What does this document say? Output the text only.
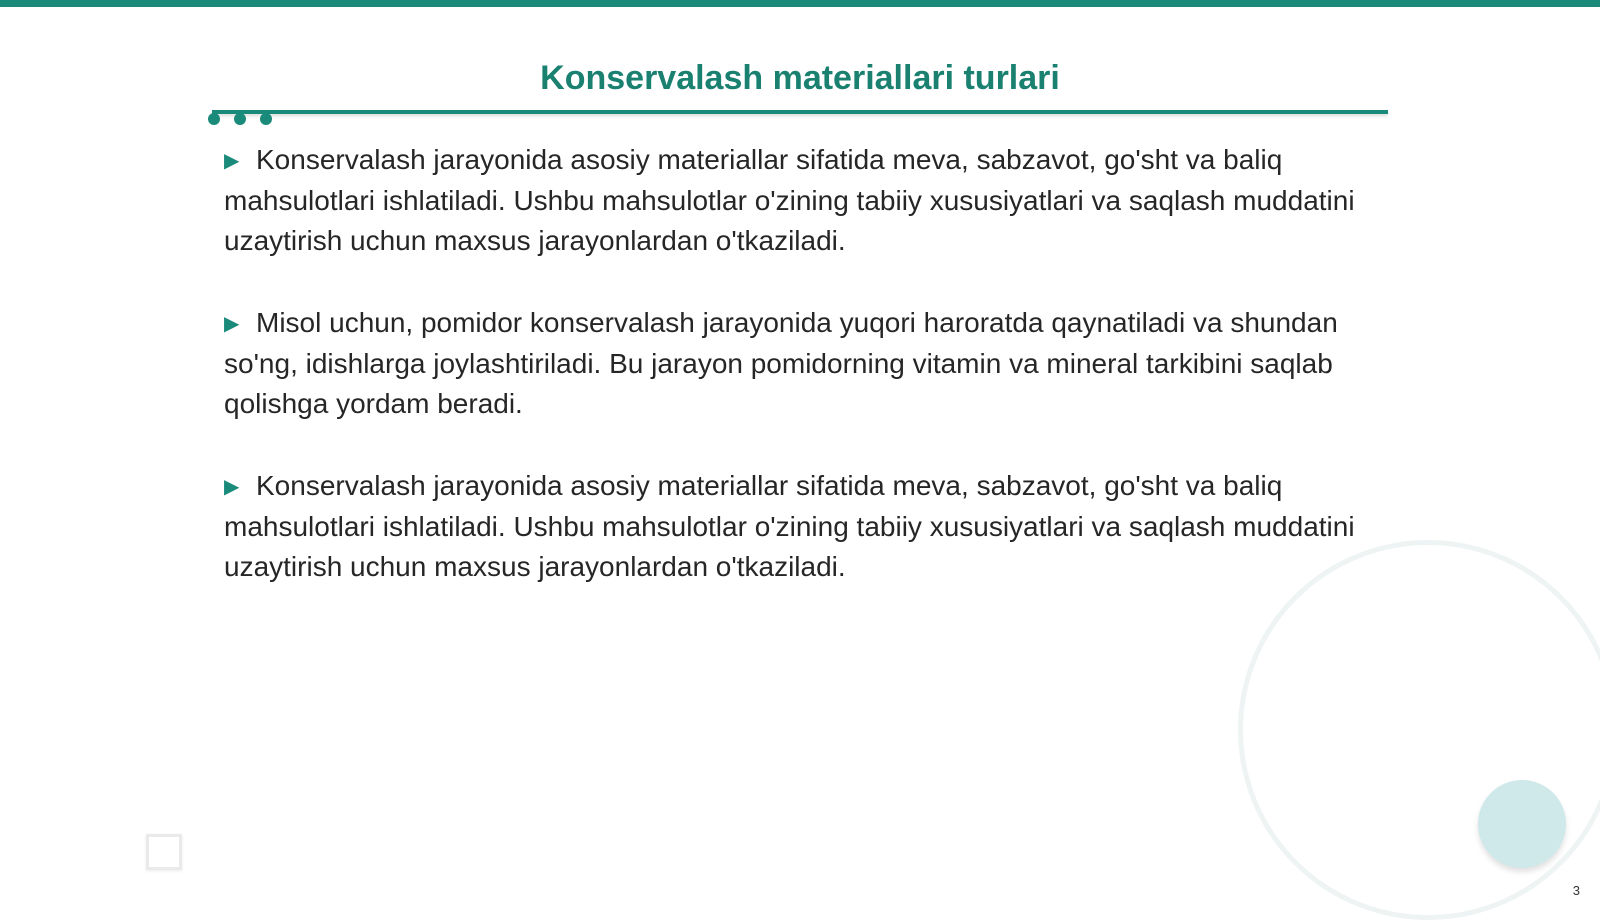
Konservalash materiallari turlari

▶ Konservalash jarayonida asosiy materiallar sifatida meva, sabzavot, go'sht va baliq mahsulotlari ishlatiladi. Ushbu mahsulotlar o'zining tabiiy xususiyatlari va saqlash muddatini uzaytirish uchun maxsus jarayonlardan o'tkaziladi.

▶ Misol uchun, pomidor konservalash jarayonida yuqori haroratda qaynatiladi va shundan so'ng, idishlarga joylashtiriladi. Bu jarayon pomidorning vitamin va mineral tarkibini saqlab qolishga yordam beradi.

▶ Konservalash jarayonida asosiy materiallar sifatida meva, sabzavot, go'sht va baliq mahsulotlari ishlatiladi. Ushbu mahsulotlar o'zining tabiiy xususiyatlari va saqlash muddatini uzaytirish uchun maxsus jarayonlardan o'tkaziladi.

3
